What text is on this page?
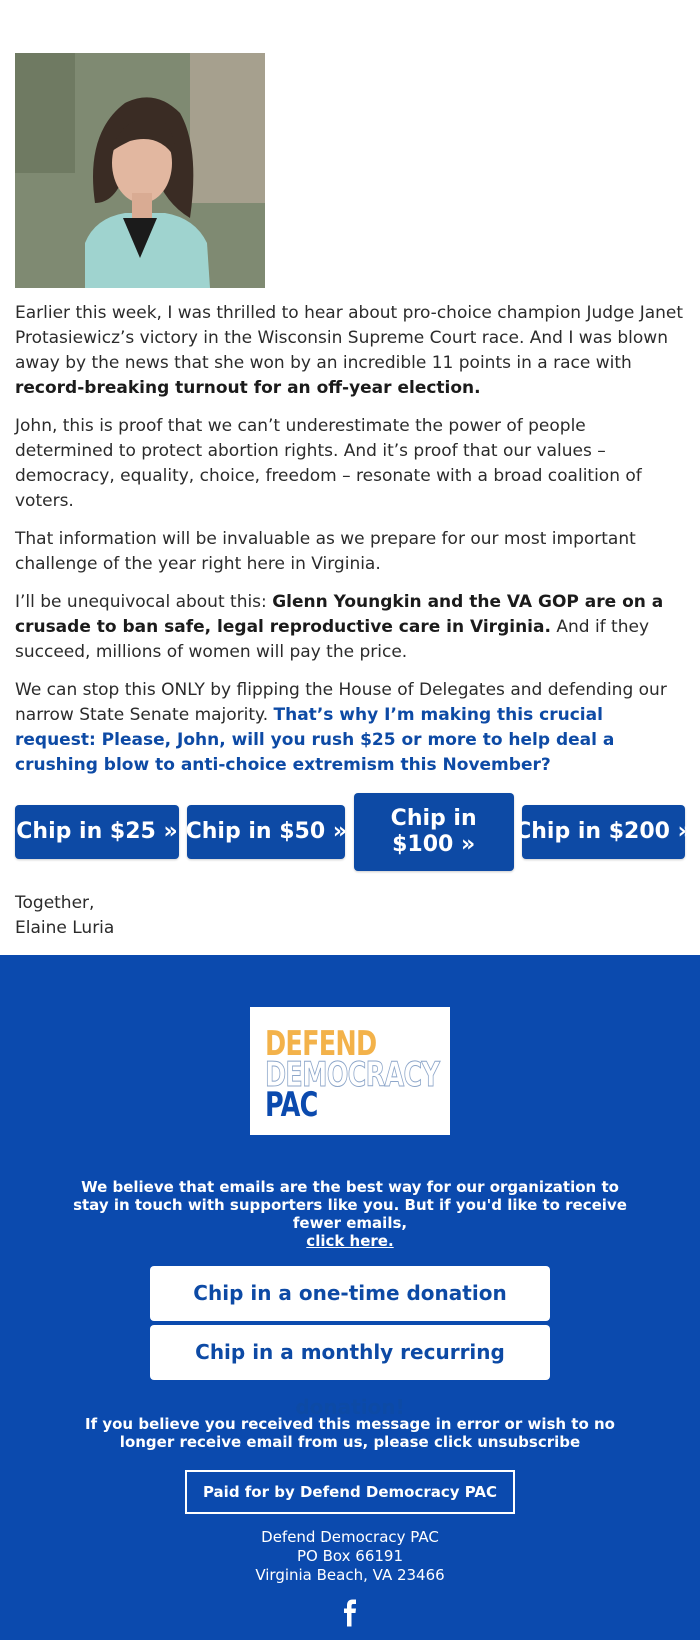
Earlier this week, I was thrilled to hear about pro-choice champion Judge Janet Protasiewicz’s victory in the Wisconsin Supreme Court race. And I was blown away by the news that she won by an incredible 11 points in a race with record-breaking turnout for an off-year election.

John, this is proof that we can’t underestimate the power of people determined to protect abortion rights. And it’s proof that our values – democracy, equality, choice, freedom – resonate with a broad coalition of voters.

That information will be invaluable as we prepare for our most important challenge of the year right here in Virginia.

I’ll be unequivocal about this: Glenn Youngkin and the VA GOP are on a crusade to ban safe, legal reproductive care in Virginia. And if they succeed, millions of women will pay the price.

We can stop this ONLY by flipping the House of Delegates and defending our narrow State Senate majority. That’s why I’m making this crucial request: Please, John, will you rush $25 or more to help deal a crushing blow to anti-choice extremism this November?

Chip in $25 » Chip in $50 »
Chip in $100 »
Chip in $200 »
Together,
Elaine Luria
DEFEND
DEMOCRACY
PAC
We believe that emails are the best way for our organization to stay in touch with supporters like you. But if you'd like to receive fewer emails,
click here.
Chip in a one-time donation
Chip in a monthly recurring donation!
If you believe you received this message in error or wish to no longer receive email from us, please click unsubscribe
Paid for by Defend Democracy PAC
Defend Democracy PAC
PO Box 66191
Virginia Beach, VA 23466
